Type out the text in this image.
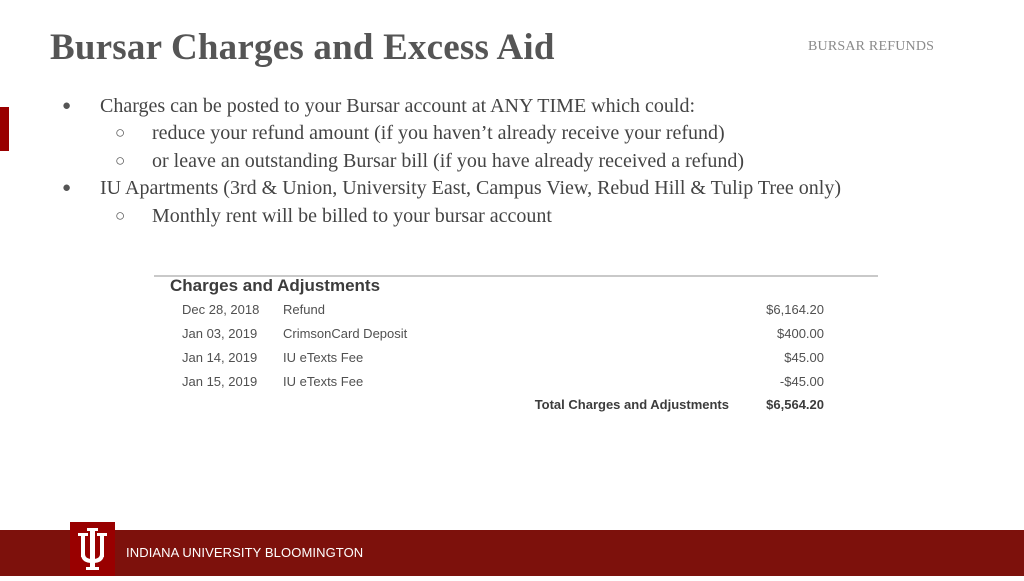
Bursar Charges and Excess Aid	BURSAR REFUNDS
● Charges can be posted to your Bursar account at ANY TIME which could:
○ reduce your refund amount (if you haven’t already receive your refund)
○ or leave an outstanding Bursar bill (if you have already received a refund)
● IU Apartments (3rd & Union, University East, Campus View, Rebud Hill & Tulip Tree only)
○ Monthly rent will be billed to your bursar account
Charges and Adjustments
Dec 28, 2018 Refund	$6,164.20
Jan 03, 2019 CrimsonCard Deposit	$400.00
Jan 14, 2019 IU eTexts Fee	$45.00
Jan 15, 2019 IU eTexts Fee	-$45.00
Total Charges and Adjustments	$6,564.20
INDIANA UNIVERSITY BLOOMINGTON
